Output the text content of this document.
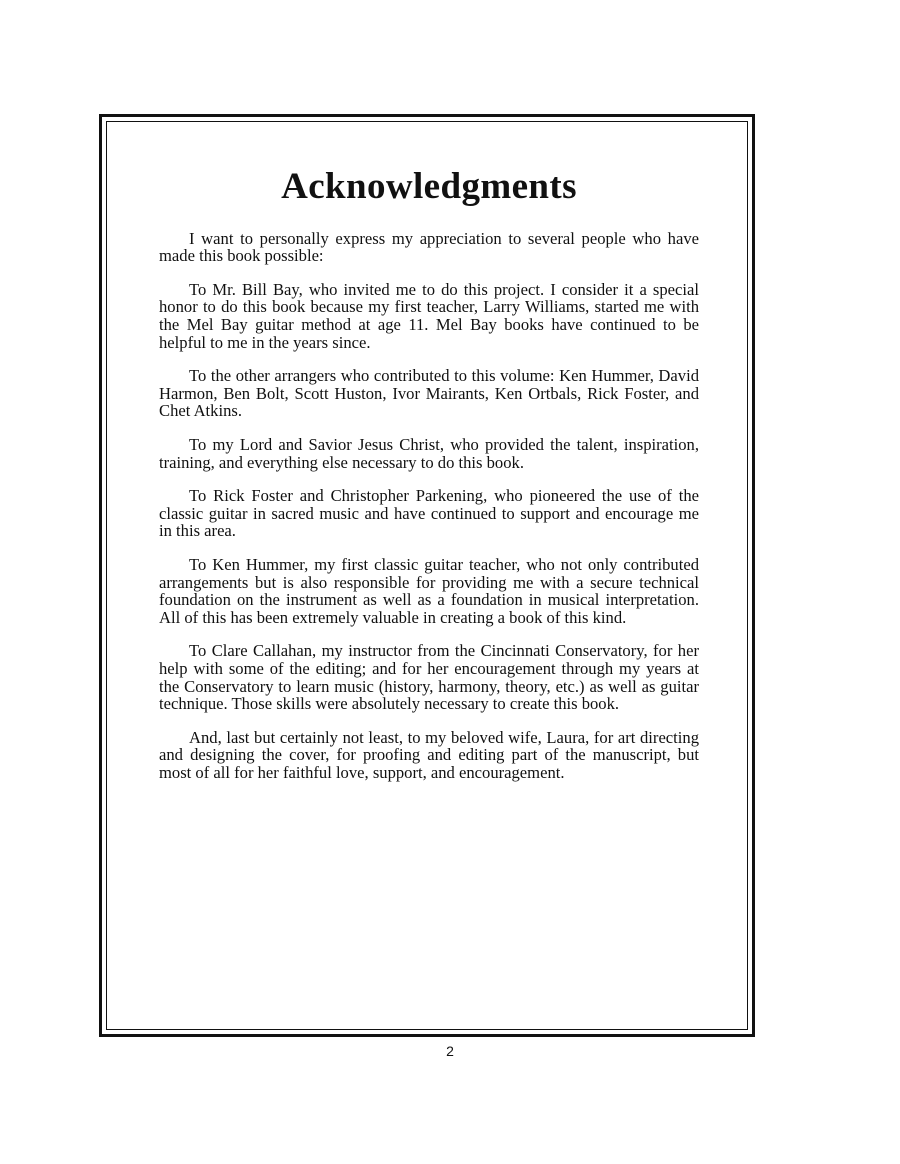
Acknowledgments

I want to personally express my appreciation to several people who have made this book possible:

To Mr. Bill Bay, who invited me to do this project. I consider it a special honor to do this book because my first teacher, Larry Williams, started me with the Mel Bay guitar method at age 11. Mel Bay books have continued to be helpful to me in the years since.

To the other arrangers who contributed to this volume: Ken Hummer, David Harmon, Ben Bolt, Scott Huston, Ivor Mairants, Ken Ortbals, Rick Foster, and Chet Atkins.

To my Lord and Savior Jesus Christ, who provided the talent, inspiration, training, and everything else necessary to do this book.

To Rick Foster and Christopher Parkening, who pioneered the use of the classic guitar in sacred music and have continued to support and encourage me in this area.

To Ken Hummer, my first classic guitar teacher, who not only contributed arrangements but is also responsible for providing me with a secure technical foundation on the instrument as well as a foundation in musical interpretation. All of this has been extremely valuable in creating a book of this kind.

To Clare Callahan, my instructor from the Cincinnati Conservatory, for her help with some of the editing; and for her encouragement through my years at the Conservatory to learn music (history, harmony, theory, etc.) as well as guitar technique. Those skills were absolutely necessary to create this book.

And, last but certainly not least, to my beloved wife, Laura, for art directing and designing the cover, for proofing and editing part of the manuscript, but most of all for her faithful love, support, and encouragement.

2
